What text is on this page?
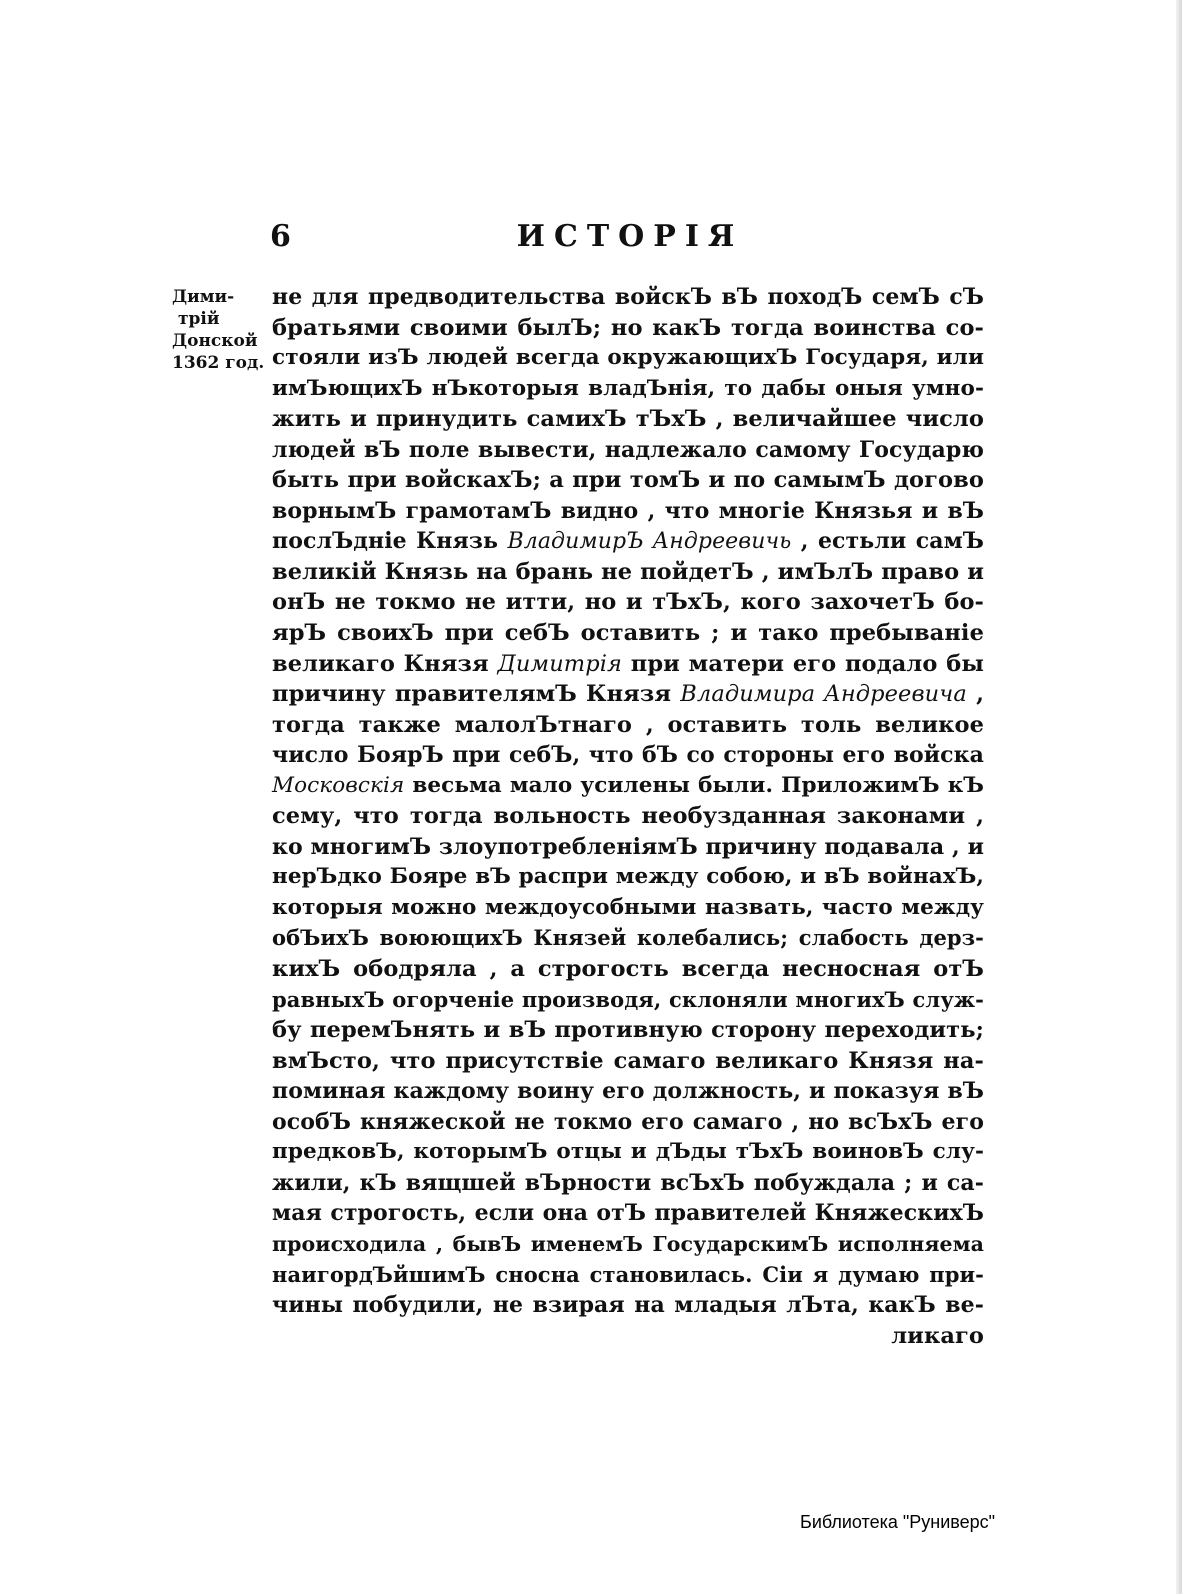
6	ИСТОРІЯ
Дими-
трій
Донской
1362 год.
не для предводительства войскЪ вЪ походЪ семЪ сЪ
братьями своими былЪ; но какЪ тогда воинства со-
стояли изЪ людей всегда окружающихЪ Государя, или
имЪющихЪ нЪкоторыя владЪнія, то дабы оныя умно-
жить и принудить самихЪ тЪхЪ , величайшее число
людей вЪ поле вывести, надлежало самому Государю
быть при войскахЪ; а при томЪ и по самымЪ догово
ворнымЪ грамотамЪ видно , что многіе Князья и вЪ
послЪдніе Князь ВладимирЪ Андреевичь , естьли самЪ
великій Князь на брань не пойдетЪ , имЪлЪ право и
онЪ не токмо не итти, но и тЪхЪ, кого захочетЪ бо-
ярЪ своихЪ при себЪ оставить ; и тако пребываніе
великаго Князя Димитрія при матери его подало бы
причину правителямЪ Князя Владимира Андреевича ,
тогда также малолЪтнаго , оставить толь великое
число БоярЪ при себЪ, что бЪ со стороны его войска
Московскія весьма мало усилены были. ПриложимЪ кЪ
сему, что тогда вольность необузданная законами ,
ко многимЪ злоупотребленіямЪ причину подавала , и
нерЪдко Бояре вЪ распри между собою, и вЪ войнахЪ,
которыя можно междоусобными назвать, часто между
обЪихЪ воюющихЪ Князей колебались; слабость дерз-
кихЪ ободряла , а строгость всегда несносная отЪ
равныхЪ огорченіе производя, склоняли многихЪ служ-
бу перемЪнять и вЪ противную сторону переходить;
вмЪсто, что присутствіе самаго великаго Князя на-
поминая каждому воину его должность, и показуя вЪ
особЪ княжеской не токмо его самаго , но всЪхЪ его
предковЪ, которымЪ отцы и дЪды тЪхЪ воиновЪ слу-
жили, кЪ вящшей вЪрности всЪхЪ побуждала ; и са-
мая строгость, если она отЪ правителей КняжескихЪ
происходила , бывЪ именемЪ ГосударскимЪ исполняема
наигордЪйшимЪ сносна становилась. Сіи я думаю при-
чины побудили, не взирая на младыя лЪта, какЪ ве-
ликаго
Библиотека "Руниверс"
